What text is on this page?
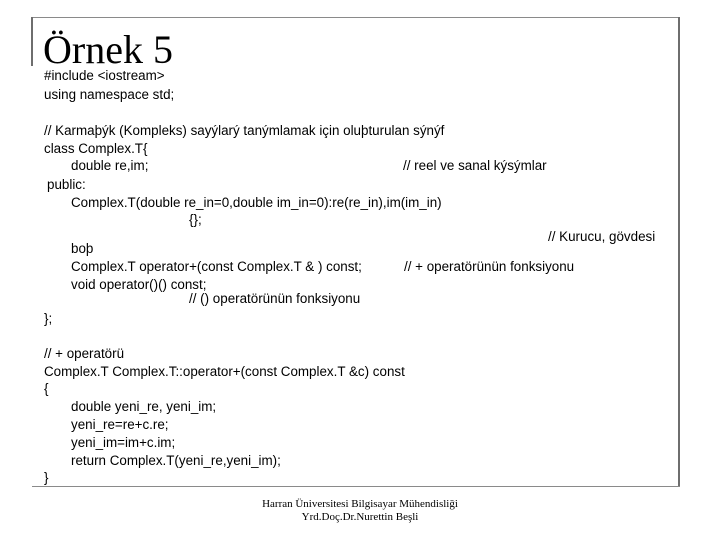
Örnek 5
#include <iostream>
using namespace std;
// Karmaþýk (Kompleks) sayýlarý tanýmlamak için oluþturulan sýnýf
class Complex.T{
double re,im;	// reel ve sanal kýsýmlar
public:
Complex.T(double re_in=0,double im_in=0):re(re_in),im(im_in)
{};
// Kurucu, gövdesi
boþ
Complex.T operator+(const Complex.T & ) const;	// + operatörünün fonksiyonu
void operator()() const;
// () operatörünün fonksiyonu
};
// + operatörü
Complex.T Complex.T::operator+(const Complex.T &c) const
{
double yeni_re, yeni_im;
yeni_re=re+c.re;
yeni_im=im+c.im;
return Complex.T(yeni_re,yeni_im);
}
Harran Üniversitesi Bilgisayar Mühendisliği
Yrd.Doç.Dr.Nurettin Beşli
